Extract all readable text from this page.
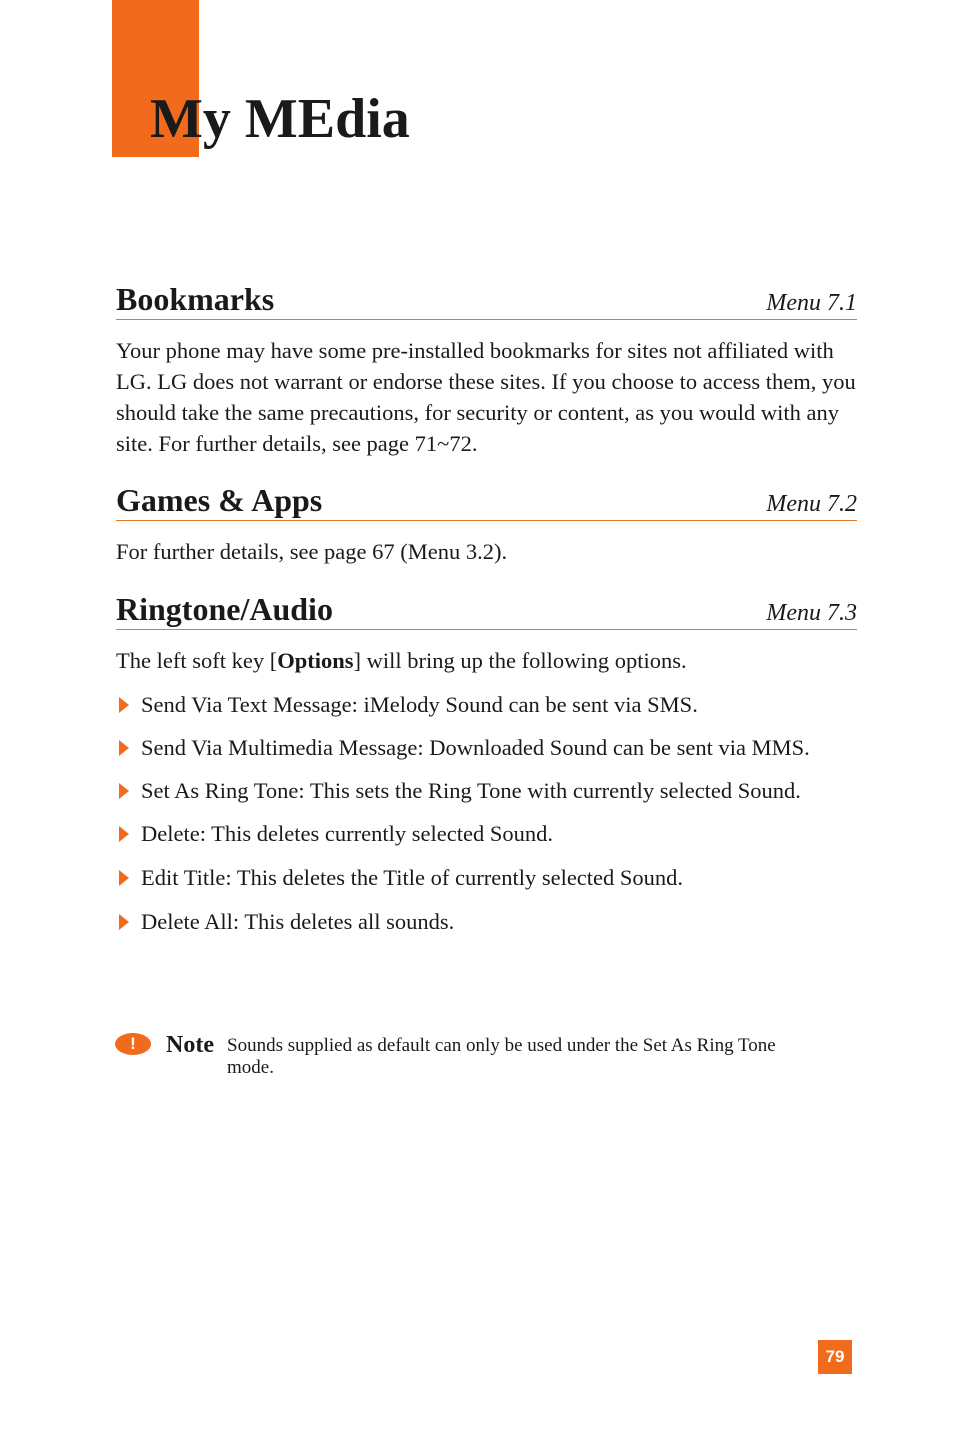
My MEdia
Bookmarks	Menu 7.1

Your phone may have some pre-installed bookmarks for sites not affiliated with LG. LG does not warrant or endorse these sites. If you choose to access them, you should take the same precautions, for security or content, as you would with any site. For further details, see page 71~72.

Games & Apps	Menu 7.2

For further details, see page 67 (Menu 3.2).

Ringtone/Audio	Menu 7.3

The left soft key [Options] will bring up the following options.

Send Via Text Message: iMelody Sound can be sent via SMS.
Send Via Multimedia Message: Downloaded Sound can be sent via MMS.
Set As Ring Tone: This sets the Ring Tone with currently selected Sound.
Delete: This deletes currently selected Sound.
Edit Title: This deletes the Title of currently selected Sound.
Delete All: This deletes all sounds.
!	Note Sounds supplied as default can only be used under the Set As Ring Tone mode.
79
